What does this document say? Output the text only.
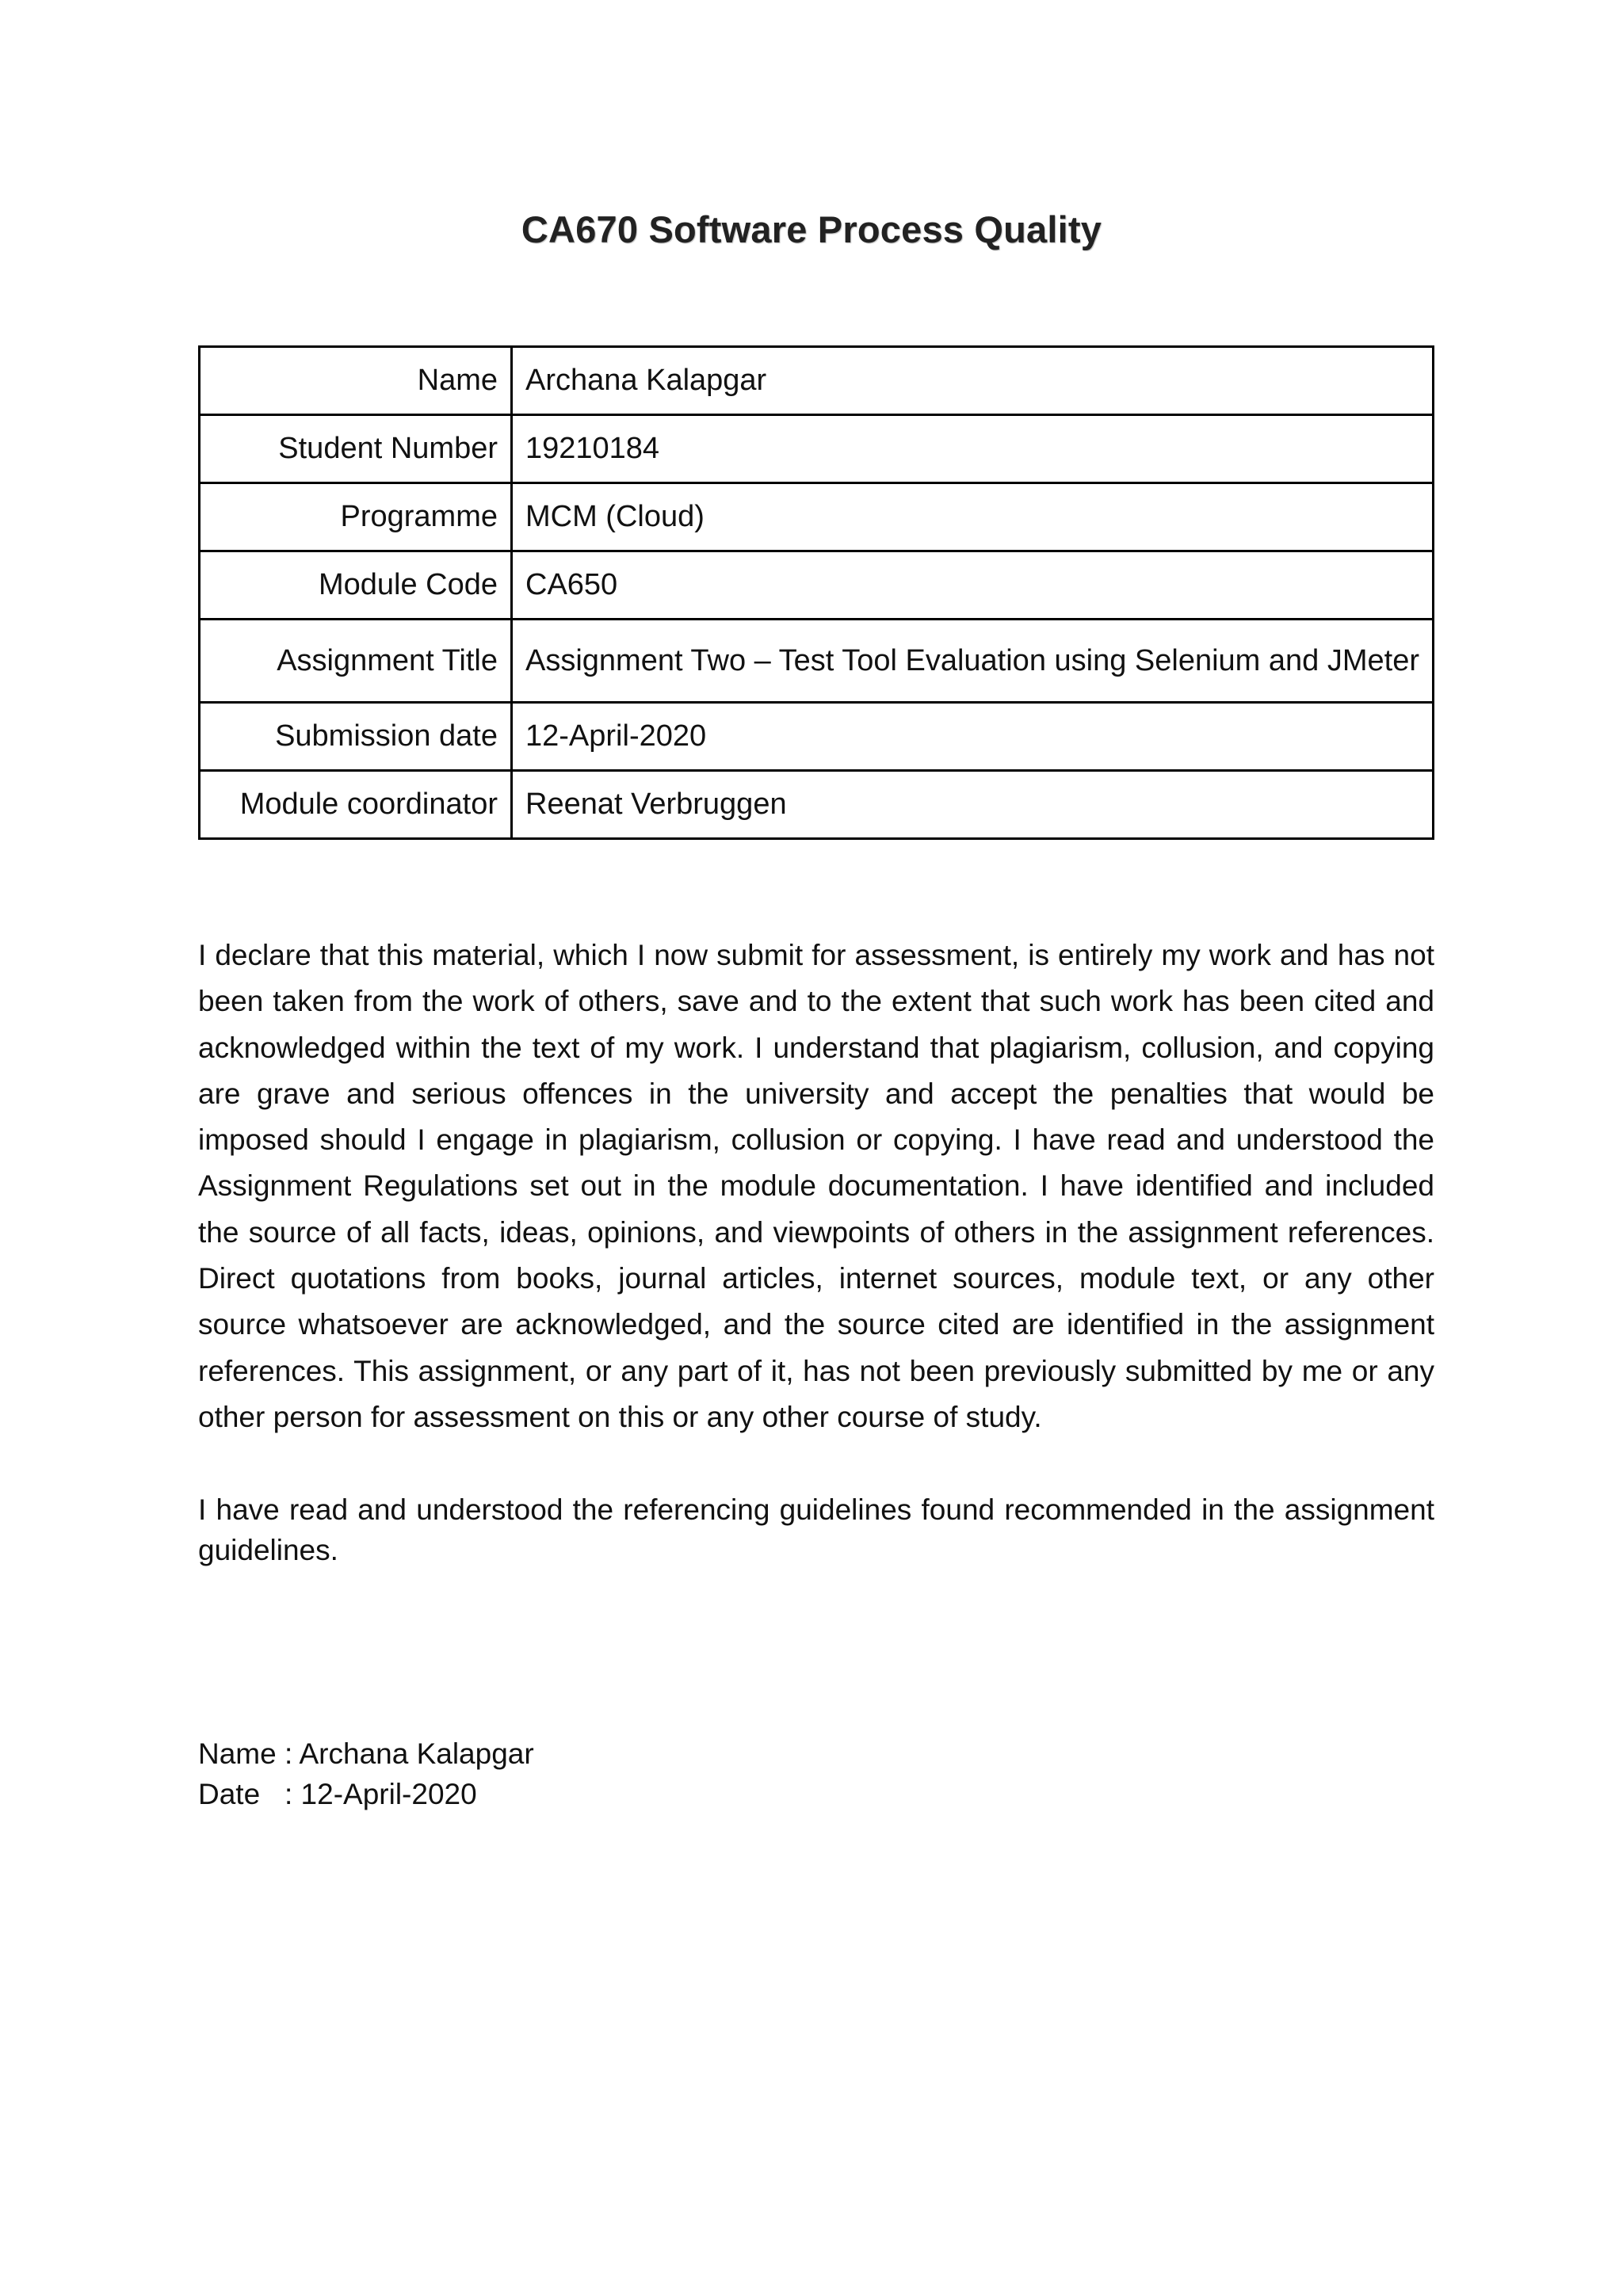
CA670 Software Process Quality
Name	Archana Kalapgar
Student Number	19210184
Programme	MCM (Cloud)
Module Code	CA650
Assignment Title	Assignment Two – Test Tool Evaluation using Selenium and JMeter
Submission date	12-April-2020
Module coordinator	Reenat Verbruggen

I declare that this material, which I now submit for assessment, is entirely my work and has not been taken from the work of others, save and to the extent that such work has been cited and acknowledged within the text of my work. I understand that plagiarism, collusion, and copying are grave and serious offences in the university and accept the penalties that would be imposed should I engage in plagiarism, collusion or copying. I have read and understood the Assignment Regulations set out in the module documentation. I have identified and included the source of all facts, ideas, opinions, and viewpoints of others in the assignment references. Direct quotations from books, journal articles, internet sources, module text, or any other source whatsoever are acknowledged, and the source cited are identified in the assignment references. This assignment, or any part of it, has not been previously submitted by me or any other person for assessment on this or any other course of study.

I have read and understood the referencing guidelines found recommended in the assignment guidelines.

Name : Archana Kalapgar
Date   : 12-April-2020
